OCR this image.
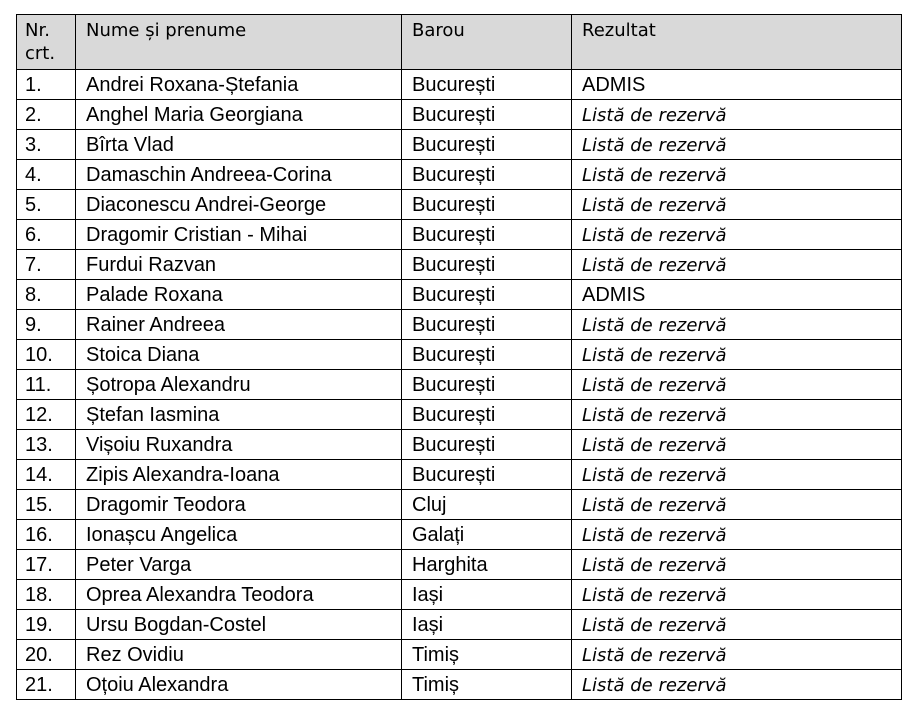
Nr. crt.	Nume și prenume	Barou	Rezultat
1.	Andrei Roxana-Ștefania	București	ADMIS
2.	Anghel Maria Georgiana	București	Listă de rezervă
3.	Bîrta Vlad	București	Listă de rezervă
4.	Damaschin Andreea-Corina	București	Listă de rezervă
5.	Diaconescu Andrei-George	București	Listă de rezervă
6.	Dragomir Cristian - Mihai	București	Listă de rezervă
7.	Furdui Razvan	București	Listă de rezervă
8.	Palade Roxana	București	ADMIS
9.	Rainer Andreea	București	Listă de rezervă
10.	Stoica Diana	București	Listă de rezervă
11.	Șotropa Alexandru	București	Listă de rezervă
12.	Ștefan Iasmina	București	Listă de rezervă
13.	Vișoiu Ruxandra	București	Listă de rezervă
14.	Zipis Alexandra-Ioana	București	Listă de rezervă
15.	Dragomir Teodora	Cluj	Listă de rezervă
16.	Ionașcu Angelica	Galați	Listă de rezervă
17.	Peter Varga	Harghita	Listă de rezervă
18.	Oprea Alexandra Teodora	Iași	Listă de rezervă
19.	Ursu Bogdan-Costel	Iași	Listă de rezervă
20.	Rez Ovidiu	Timiș	Listă de rezervă
21.	Oțoiu Alexandra	Timiș	Listă de rezervă
